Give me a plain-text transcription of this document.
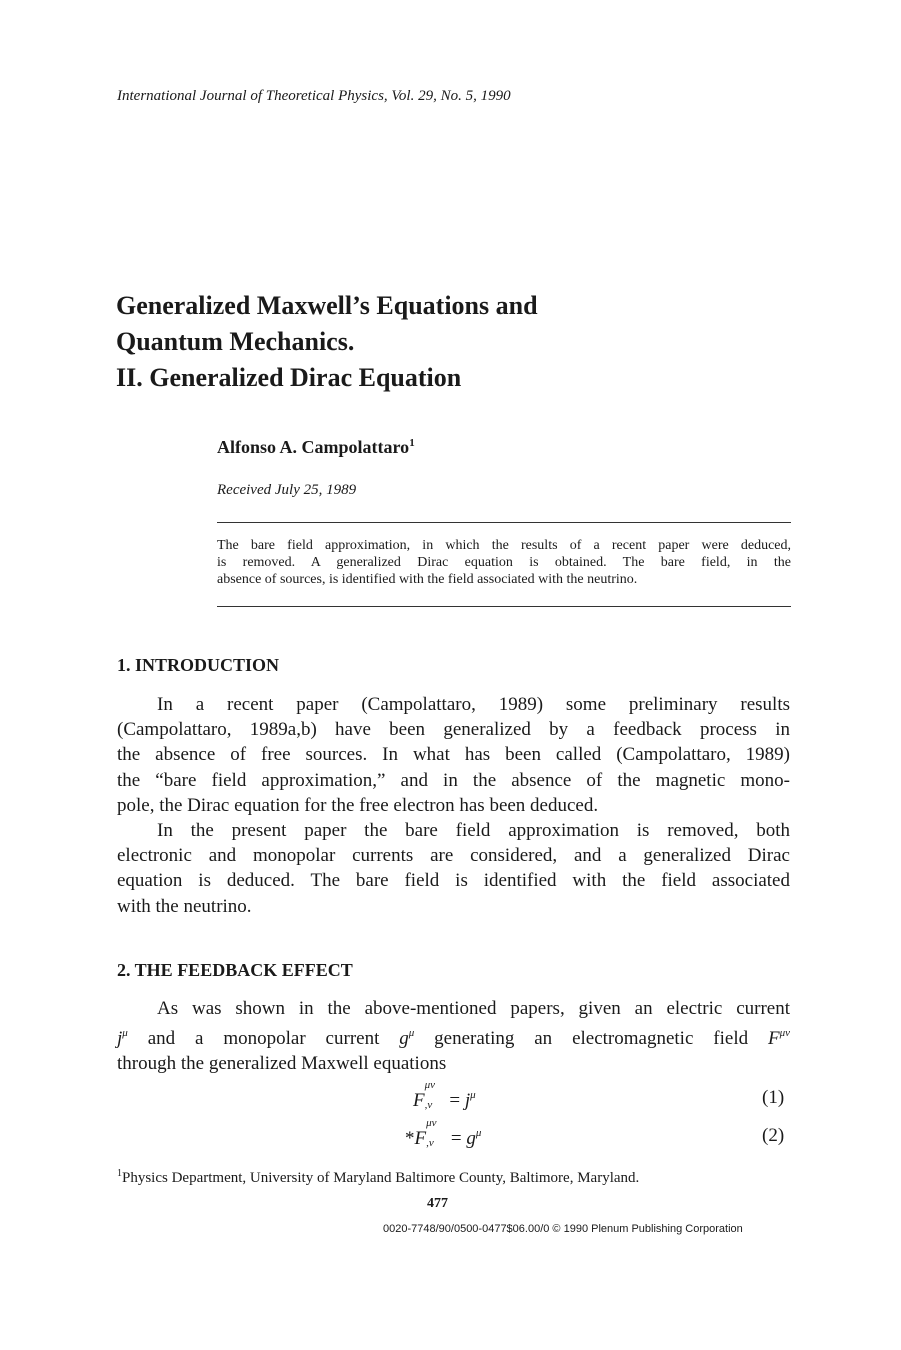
International Journal of Theoretical Physics, Vol. 29, No. 5, 1990
Generalized Maxwell’s Equations and
Quantum Mechanics.
II. Generalized Dirac Equation
Alfonso A. Campolattaro$^1$
Received July 25, 1989
The bare field approximation, in which the results of a recent paper were deduced,
is removed. A generalized Dirac equation is obtained. The bare field, in the
absence of sources, is identified with the field associated with the neutrino.
1. INTRODUCTION
In a recent paper (Campolattaro, 1989) some preliminary results
(Campolattaro, 1989a,b) have been generalized by a feedback process in
the absence of free sources. In what has been called (Campolattaro, 1989)
the “bare field approximation,” and in the absence of the magnetic mono-
pole, the Dirac equation for the free electron has been deduced.
In the present paper the bare field approximation is removed, both
electronic and monopolar currents are considered, and a generalized Dirac
equation is deduced. The bare field is identified with the field associated
with the neutrino.
2. THE FEEDBACK EFFECT
As was shown in the above-mentioned papers, given an electric current
$j^\mu$ and a monopolar current $g^\mu$ generating an electromagnetic field $F^{\mu\nu}$
through the generalized Maxwell equations
F
μν
$,\nu = j^\mu$	(1)
*F
μν
$,\nu = g^\mu$	(2)
$^1$Physics Department, University of Maryland Baltimore County, Baltimore, Maryland.
477
0020-7748/90/0500-0477$06.00/0 © 1990 Plenum Publishing Corporation
